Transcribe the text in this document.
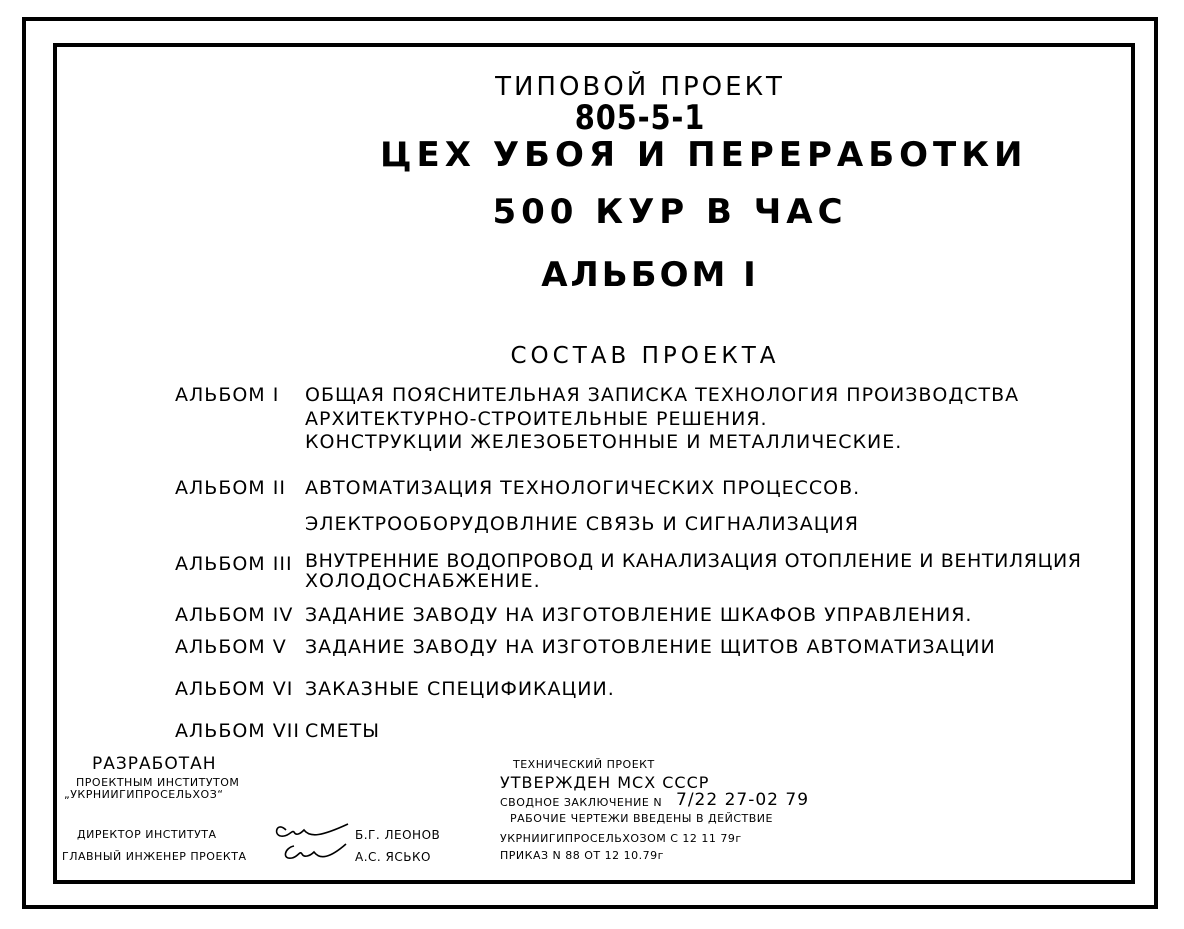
ТИПОВОЙ ПРОЕКТ
805-5-1
ЦЕХ УБОЯ И ПЕРЕРАБОТКИ
500 КУР В ЧАС
АЛЬБОМ I
СОСТАВ ПРОЕКТА
АЛЬБОМ I ОБЩАЯ ПОЯСНИТЕЛЬНАЯ ЗАПИСКА ТЕХНОЛОГИЯ ПРОИЗВОДСТВА
АРХИТЕКТУРНО-СТРОИТЕЛЬНЫЕ РЕШЕНИЯ.
КОНСТРУКЦИИ ЖЕЛЕЗОБЕТОННЫЕ И МЕТАЛЛИЧЕСКИЕ.
АЛЬБОМ II АВТОМАТИЗАЦИЯ ТЕХНОЛОГИЧЕСКИХ ПРОЦЕССОВ.
ЭЛЕКТРООБОРУДОВЛНИЕ СВЯЗЬ И СИГНАЛИЗАЦИЯ
АЛЬБОМ III ВНУТРЕННИЕ ВОДОПРОВОД И КАНАЛИЗАЦИЯ ОТОПЛЕНИЕ И ВЕНТИЛЯЦИЯ
ХОЛОДОСНАБЖЕНИЕ.
АЛЬБОМ IV ЗАДАНИЕ ЗАВОДУ НА ИЗГОТОВЛЕНИЕ ШКАФОВ УПРАВЛЕНИЯ.
АЛЬБОМ V ЗАДАНИЕ ЗАВОДУ НА ИЗГОТОВЛЕНИЕ ЩИТОВ АВТОМАТИЗАЦИИ
АЛЬБОМ VI ЗАКАЗНЫЕ СПЕЦИФИКАЦИИ.
АЛЬБОМ VII СМЕТЫ
РАЗРАБОТАН
ПРОЕКТНЫМ ИНСТИТУТОМ
„УКРНИИГИПРОСЕЛЬХОЗ“
ДИРЕКТОР ИНСТИТУТА
ГЛАВНЫЙ ИНЖЕНЕР ПРОЕКТА
Б.Г. ЛЕОНОВ
А.С. ЯСЬКО
ТЕХНИЧЕСКИЙ ПРОЕКТ
УТВЕРЖДЕН МСХ СССР
СВОДНОЕ ЗАКЛЮЧЕНИЕ N 7/22 27-02 79
РАБОЧИЕ ЧЕРТЕЖИ ВВЕДЕНЫ В ДЕЙСТВИЕ
УКРНИИГИПРОСЕЛЬХОЗОМ С 12 11 79г
ПРИКАЗ N 88 ОТ 12 10.79г
